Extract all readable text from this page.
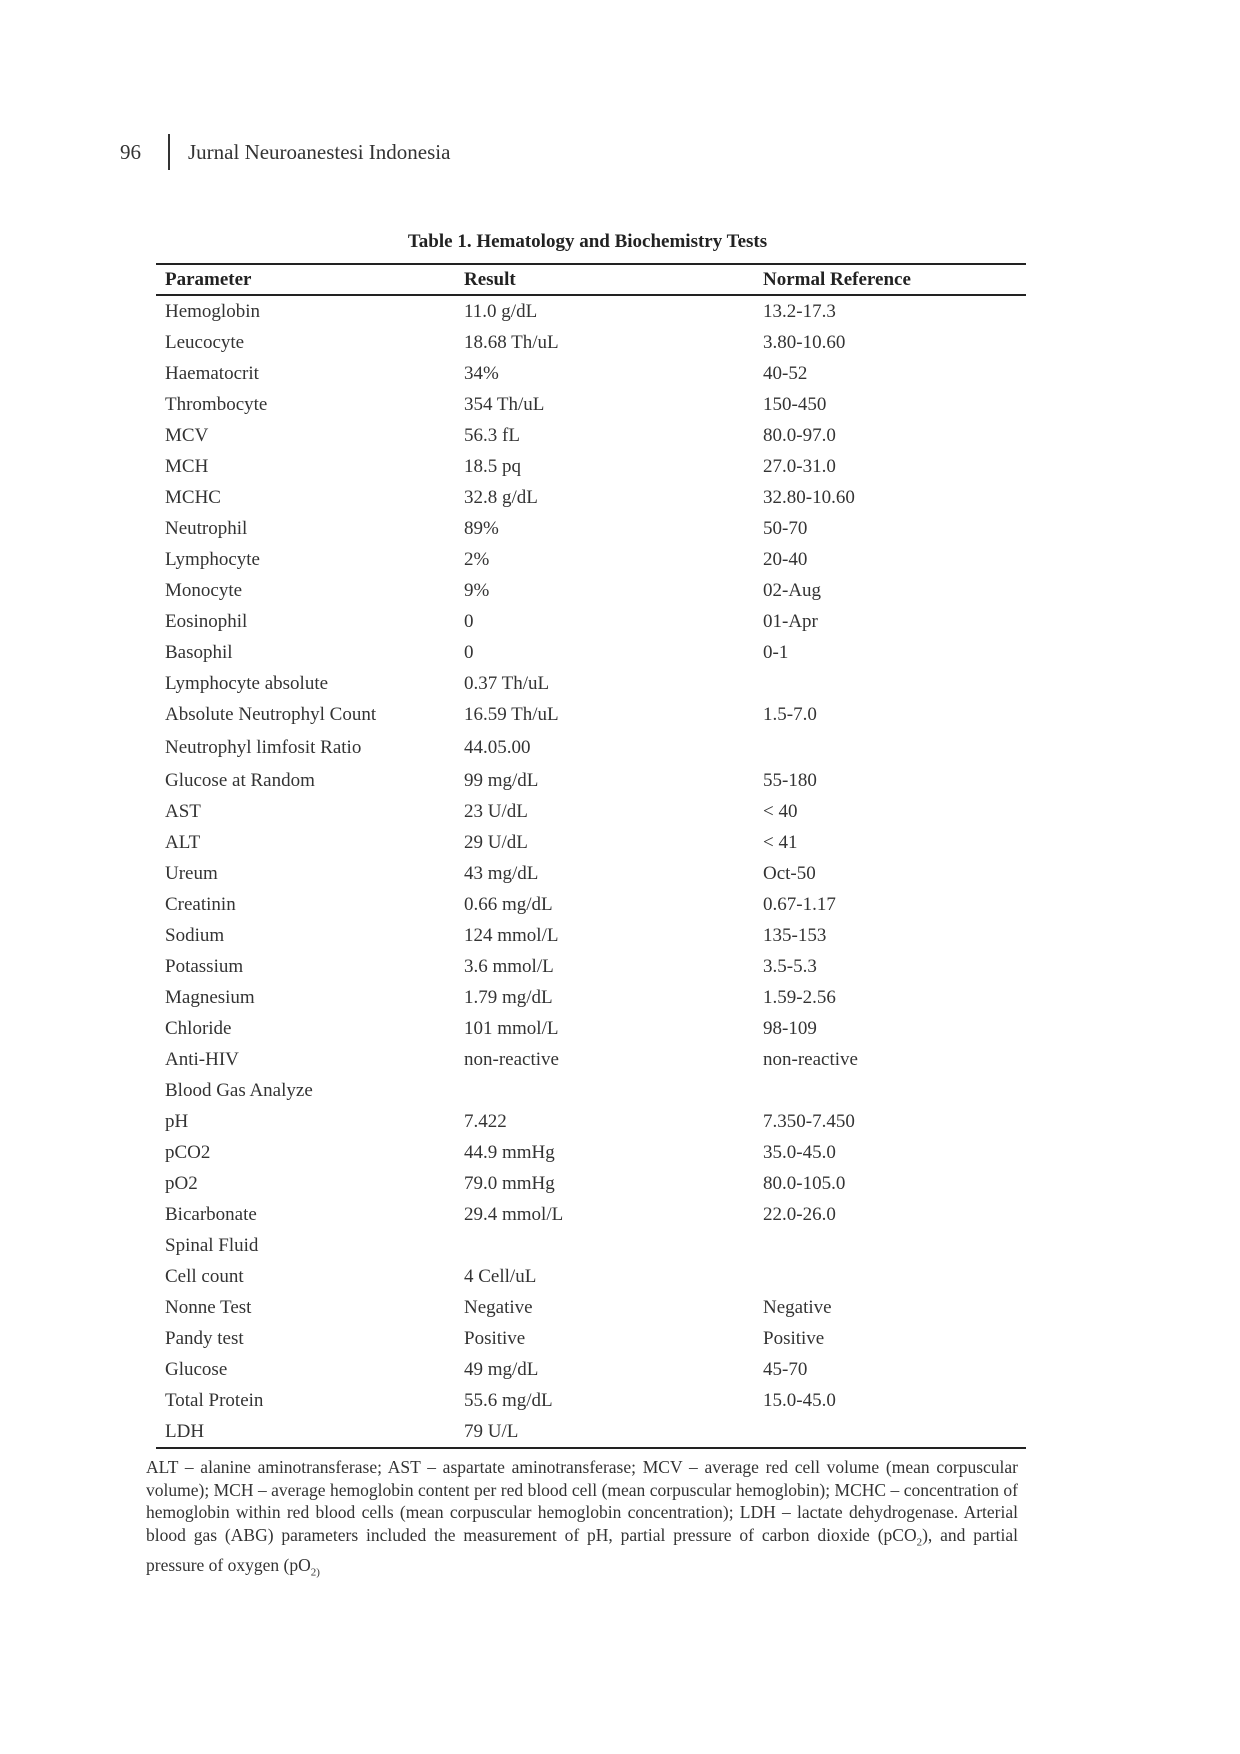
96	Jurnal Neuroanestesi Indonesia
Table 1. Hematology and Biochemistry Tests
Parameter	Result	Normal Reference
Hemoglobin	11.0 g/dL	13.2-17.3
Leucocyte	18.68 Th/uL	3.80-10.60
Haematocrit	34%	40-52
Thrombocyte	354 Th/uL	150-450
MCV	56.3 fL	80.0-97.0
MCH	18.5 pq	27.0-31.0
MCHC	32.8 g/dL	32.80-10.60
Neutrophil	89%	50-70
Lymphocyte	2%	20-40
Monocyte	9%	02-Aug
Eosinophil	0	01-Apr
Basophil	0	0-1
Lymphocyte absolute	0.37 Th/uL	
Absolute Neutrophyl Count	16.59 Th/uL	1.5-7.0
Neutrophyl limfosit Ratio	44.05.00	
Glucose at Random	99 mg/dL	55-180
AST	23 U/dL	< 40
ALT	29 U/dL	< 41
Ureum	43 mg/dL	Oct-50
Creatinin	0.66 mg/dL	0.67-1.17
Sodium	124 mmol/L	135-153
Potassium	3.6 mmol/L	3.5-5.3
Magnesium	1.79 mg/dL	1.59-2.56
Chloride	101 mmol/L	98-109
Anti-HIV	non-reactive	non-reactive
Blood Gas Analyze		
pH	7.422	7.350-7.450
pCO2	44.9 mmHg	35.0-45.0
pO2	79.0 mmHg	80.0-105.0
Bicarbonate	29.4 mmol/L	22.0-26.0
Spinal Fluid		
Cell count	4 Cell/uL	
Nonne Test	Negative	Negative
Pandy test	Positive	Positive
Glucose	49 mg/dL	45-70
Total Protein	55.6 mg/dL	15.0-45.0
LDH	79 U/L	
ALT – alanine aminotransferase; AST – aspartate aminotransferase; MCV – average red cell volume (mean corpuscular volume); MCH – average hemoglobin content per red blood cell (mean corpuscular hemoglobin); MCHC – concentration of hemoglobin within red blood cells (mean corpuscular hemoglobin concentration); LDH – lactate dehydrogenase. Arterial blood gas (ABG) parameters included the measurement of pH, partial pressure of carbon dioxide (pCO$_2$), and partial pressure of oxygen ($pO_{2)}$
